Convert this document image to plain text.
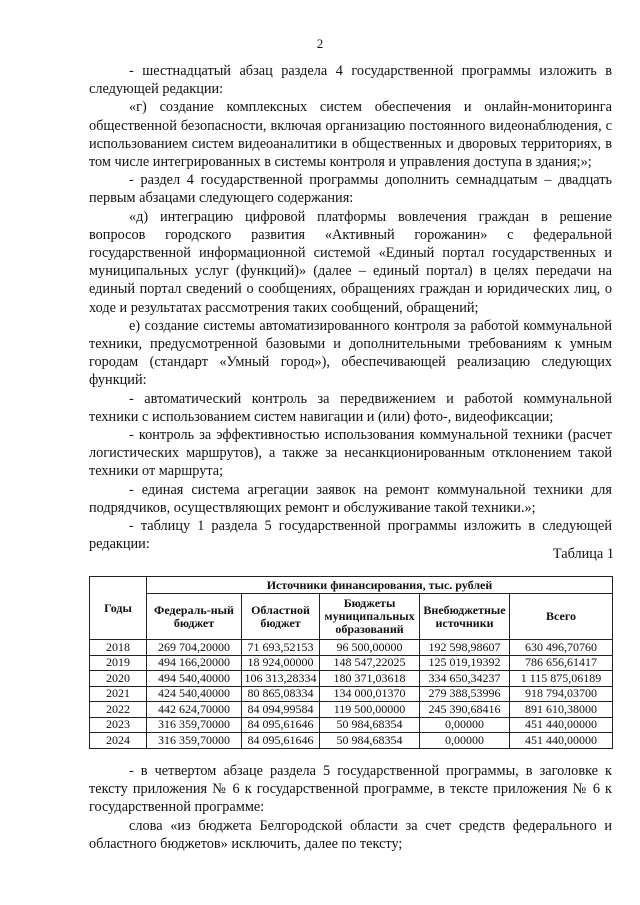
2

- шестнадцатый абзац раздела 4 государственной программы изложить в следующей редакции:

«г) создание комплексных систем обеспечения и онлайн-мониторинга общественной безопасности, включая организацию постоянного видеонаблюдения, с использованием систем видеоаналитики в общественных и дворовых территориях, в том числе интегрированных в системы контроля и управления доступа в здания;»;

- раздел 4 государственной программы дополнить семнадцатым – двадцать первым абзацами следующего содержания:

«д) интеграцию цифровой платформы вовлечения граждан в решение вопросов городского развития «Активный горожанин» с федеральной государственной информационной системой «Единый портал государственных и муниципальных услуг (функций)» (далее – единый портал) в целях передачи на единый портал сведений о сообщениях, обращениях граждан и юридических лиц, о ходе и результатах рассмотрения таких сообщений, обращений;

е) создание системы автоматизированного контроля за работой коммунальной техники, предусмотренной базовыми и дополнительными требованиям к умным городам (стандарт «Умный город»), обеспечивающей реализацию следующих функций:

- автоматический контроль за передвижением и работой коммунальной техники с использованием систем навигации и (или) фото-, видеофиксации;

- контроль за эффективностью использования коммунальной техники (расчет логистических маршрутов), а также за несанкционированным отклонением такой техники от маршрута;

- единая система агрегации заявок на ремонт коммунальной техники для подрядчиков, осуществляющих ремонт и обслуживание такой техники.»;

- таблицу 1 раздела 5 государственной программы изложить в следующей редакции:

Таблица 1
Годы	Источники финансирования, тыс. рублей				
	Федераль-ный бюджет	Областной бюджет	Бюджеты муниципальных образований	Внебюджетные источники	Всего
2018	269 704,20000	71 693,52153	96 500,00000	192 598,98607	630 496,70760
2019	494 166,20000	18 924,00000	148 547,22025	125 019,19392	786 656,61417
2020	494 540,40000	106 313,28334	180 371,03618	334 650,34237	1 115 875,06189
2021	424 540,40000	80 865,08334	134 000,01370	279 388,53996	918 794,03700
2022	442 624,70000	84 094,99584	119 500,00000	245 390,68416	891 610,38000
2023	316 359,70000	84 095,61646	50 984,68354	0,00000	451 440,00000
2024	316 359,70000	84 095,61646	50 984,68354	0,00000	451 440,00000

- в четвертом абзаце раздела 5 государственной программы, в заголовке к тексту приложения № 6 к государственной программе, в тексте приложения № 6 к государственной программе:

слова «из бюджета Белгородской области за счет средств федерального и областного бюджетов» исключить, далее по тексту;
